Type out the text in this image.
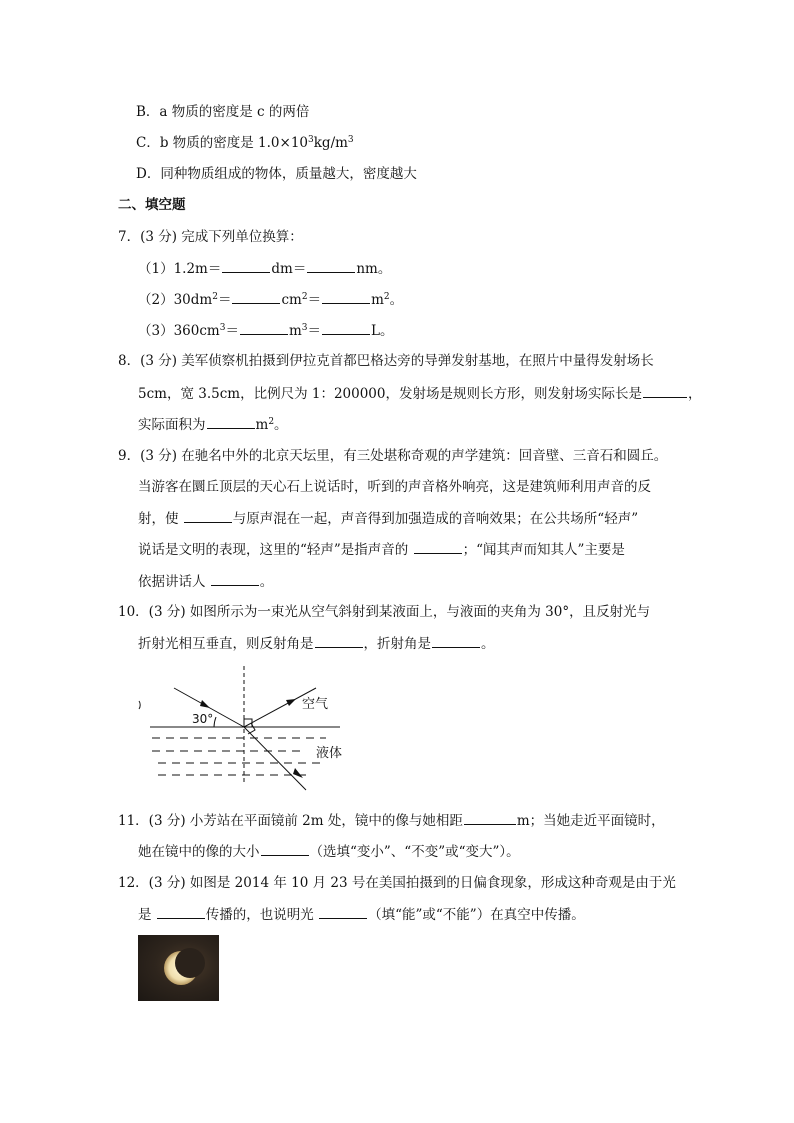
B．a 物质的密度是 c 的两倍
C．b 物质的密度是 $1.0\times 10^3kg/m^3$
D．同种物质组成的物体，质量越大，密度越大
二、填空题
7．(3 分) 完成下列单位换算：
（1）1.2m＝	dm＝	nm。
$(2)30dm^2=$	$cm^2=$	$m^2$。
$(3)360cm^3=$	$m^3=$	L。
8．(3 分) 美军侦察机拍摄到伊拉克首都巴格达旁的导弹发射基地，在照片中量得发射场长
5cm，宽 3.5cm，比例尺为 1：200000，发射场是规则长方形，则发射场实际长是	，
实际面积为	$m^2$。
9．(3 分) 在驰名中外的北京天坛里，有三处堪称奇观的声学建筑：回音壁、三音石和圆丘。
当游客在圜丘顶层的天心石上说话时，听到的声音格外响亮，这是建筑师利用声音的反
射，使	与原声混在一起，声音得到加强造成的音响效果；在公共场所“轻声”
说话是文明的表现，这里的“轻声”是指声音的	；“闻其声而知其人”主要是
依据讲话人	。
10．(3 分) 如图所示为一束光从空气斜射到某液面上，与液面的夹角为 30°，且反射光与
折射光相互垂直，则反射角是	，折射角是	。
30°
空气
液体
11．(3 分) 小芳站在平面镜前 2m 处，镜中的像与她相距	m；当她走近平面镜时，
她在镜中的像的大小	（选填“变小”、“不变”或“变大”）。
12．(3 分) 如图是 2014 年 10 月 23 号在美国拍摄到的日偏食现象，形成这种奇观是由于光
是	传播的，也说明光	（填“能”或“不能”）在真空中传播。
